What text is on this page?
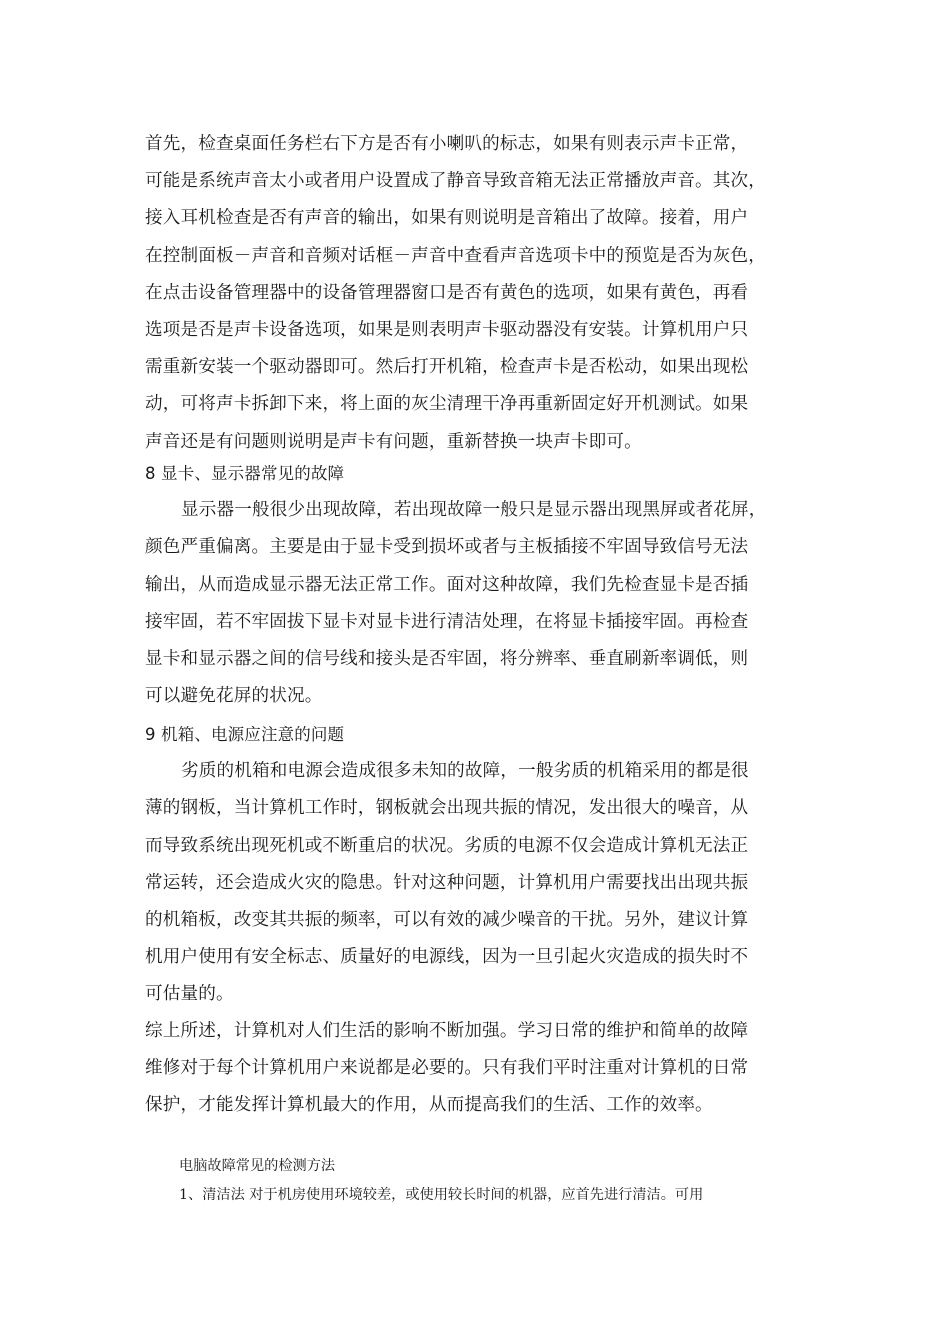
首先，检查桌面任务栏右下方是否有小喇叭的标志，如果有则表示声卡正常，
可能是系统声音太小或者用户设置成了静音导致音箱无法正常播放声音。其次，
接入耳机检查是否有声音的输出，如果有则说明是音箱出了故障。接着，用户
在控制面板－声音和音频对话框－声音中查看声音选项卡中的预览是否为灰色，
在点击设备管理器中的设备管理器窗口是否有黄色的选项，如果有黄色，再看
选项是否是声卡设备选项，如果是则表明声卡驱动器没有安装。计算机用户只
需重新安装一个驱动器即可。然后打开机箱，检查声卡是否松动，如果出现松
动，可将声卡拆卸下来，将上面的灰尘清理干净再重新固定好开机测试。如果
声音还是有问题则说明是声卡有问题，重新替换一块声卡即可。
8 显卡、显示器常见的故障
显示器一般很少出现故障，若出现故障一般只是显示器出现黑屏或者花屏，
颜色严重偏离。主要是由于显卡受到损坏或者与主板插接不牢固导致信号无法
输出，从而造成显示器无法正常工作。面对这种故障，我们先检查显卡是否插
接牢固，若不牢固拔下显卡对显卡进行清洁处理，在将显卡插接牢固。再检查
显卡和显示器之间的信号线和接头是否牢固，将分辨率、垂直刷新率调低，则
可以避免花屏的状况。
9 机箱、电源应注意的问题
劣质的机箱和电源会造成很多未知的故障，一般劣质的机箱采用的都是很
薄的钢板，当计算机工作时，钢板就会出现共振的情况，发出很大的噪音，从
而导致系统出现死机或不断重启的状况。劣质的电源不仅会造成计算机无法正
常运转，还会造成火灾的隐患。针对这种问题，计算机用户需要找出出现共振
的机箱板，改变其共振的频率，可以有效的减少噪音的干扰。另外，建议计算
机用户使用有安全标志、质量好的电源线，因为一旦引起火灾造成的损失时不
可估量的。
综上所述，计算机对人们生活的影响不断加强。学习日常的维护和简单的故障
维修对于每个计算机用户来说都是必要的。只有我们平时注重对计算机的日常
保护，才能发挥计算机最大的作用，从而提高我们的生活、工作的效率。
电脑故障常见的检测方法
1、清洁法 对于机房使用环境较差，或使用较长时间的机器，应首先进行清洁。可用
